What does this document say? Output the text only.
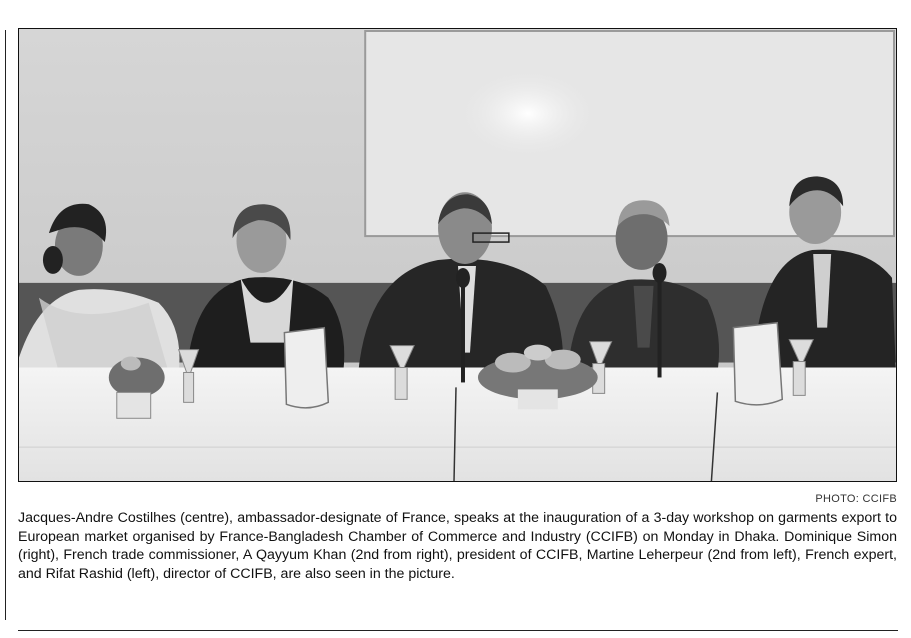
PHOTO: CCIFB

Jacques-Andre Costilhes (centre), ambassador-designate of France, speaks at the inauguration of a 3-day workshop on garments export to European market organised by France-Bangladesh Chamber of Commerce and Industry (CCIFB) on Monday in Dhaka. Dominique Simon (right), French trade commissioner, A Qayyum Khan (2nd from right), president of CCIFB, Martine Leherpeur (2nd from left), French expert, and Rifat Rashid (left), director of CCIFB, are also seen in the picture.
